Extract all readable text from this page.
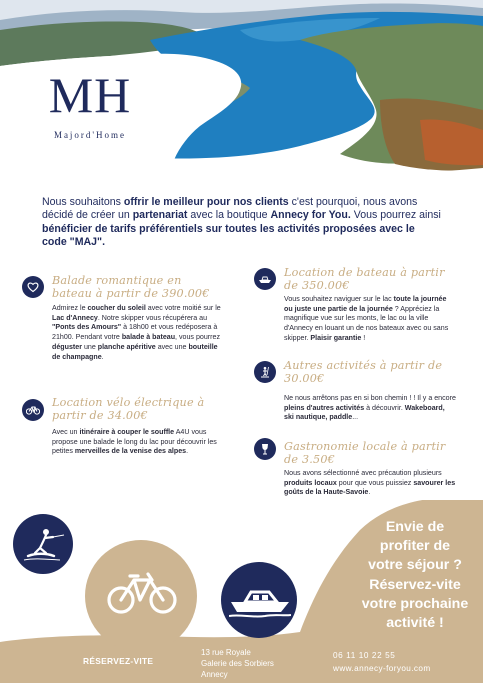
MH
Majord'Home
Nous souhaitons offrir le meilleur pour nos clients c'est pourquoi, nous avons décidé de créer un partenariat avec la boutique Annecy for You. Vous pourrez ainsi bénéficier de tarifs préférentiels sur toutes les activités proposées avec le code "MAJ".
Balade romantique en
bateau à partir de 390.00€
Admirez le coucher du soleil avec votre moitié sur le Lac d'Annecy. Notre skipper vous récupérera au "Ponts des Amours" à 18h00 et vous redéposera à 21h00. Pendant votre balade à bateau, vous pourrez déguster une planche apéritive avec une bouteille de champagne.
Location vélo électrique à
partir de 34.00€
Avec un itinéraire à couper le souffle A4U vous propose une balade le long du lac pour découvrir les petites merveilles de la venise des alpes.
Location de bateau à partir
de 350.00€
Vous souhaitez naviguer sur le lac toute la journée ou juste une partie de la journée ? Appréciez la magnifique vue sur les monts, le lac ou la ville d'Annecy en louant un de nos bateaux avec ou sans skipper. Plaisir garantie !
Autres activités à partir de
30.00€
Ne nous arrêtons pas en si bon chemin ! ! Il y a encore pleins d'autres activités à découvrir. Wakeboard, ski nautique, paddle...
Gastronomie locale à partir
de 3.50€
Nous avons sélectionné avec précaution plusieurs produits locaux pour que vous puissiez savourer les goûts de la Haute-Savoie.
Envie de
profiter de
votre séjour ?
Réservez-vite
votre prochaine
activité !
RÉSERVEZ-VITE
13 rue Royale
Galerie des Sorbiers
Annecy
06 11 10 22 55
www.annecy-foryou.com
